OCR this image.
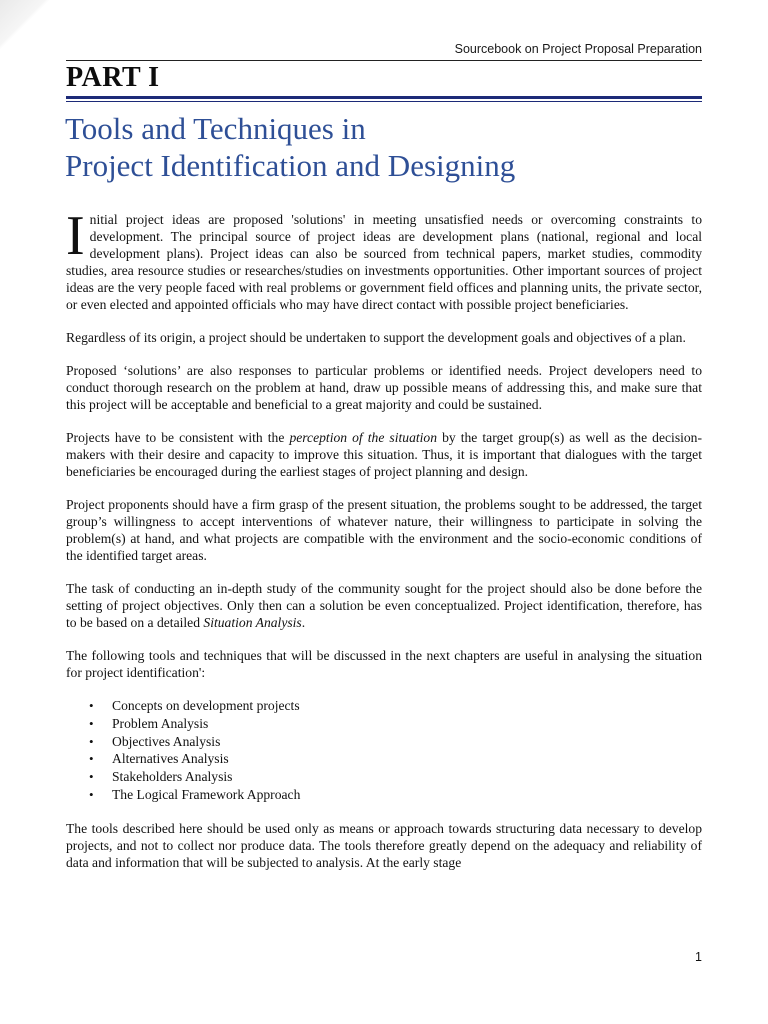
Sourcebook on Project Proposal Preparation
PART I
Tools and Techniques in
Project Identification and Designing

Initial project ideas are proposed 'solutions' in meeting unsatisfied needs or overcoming constraints to development. The principal source of project ideas are development plans (national, regional and local development plans). Project ideas can also be sourced from technical papers, market studies, commodity studies, area resource studies or researches/studies on investments opportunities. Other important sources of project ideas are the very people faced with real problems or government field offices and planning units, the private sector, or even elected and appointed officials who may have direct contact with possible project beneficiaries.

Regardless of its origin, a project should be undertaken to support the development goals and objectives of a plan.

Proposed ‘solutions’ are also responses to particular problems or identified needs. Project developers need to conduct thorough research on the problem at hand, draw up possible means of addressing this, and make sure that this project will be acceptable and beneficial to a great majority and could be sustained.

Projects have to be consistent with the perception of the situation by the target group(s) as well as the decision-makers with their desire and capacity to improve this situation. Thus, it is important that dialogues with the target beneficiaries be encouraged during the earliest stages of project planning and design.

Project proponents should have a firm grasp of the present situation, the problems sought to be addressed, the target group’s willingness to accept interventions of whatever nature, their willingness to participate in solving the problem(s) at hand, and what projects are compatible with the environment and the socio-economic conditions of the identified target areas.

The task of conducting an in-depth study of the community sought for the project should also be done before the setting of project objectives. Only then can a solution be even conceptualized. Project identification, therefore, has to be based on a detailed Situation Analysis.

The following tools and techniques that will be discussed in the next chapters are useful in analysing the situation for project identification':

• Concepts on development projects
• Problem Analysis
• Objectives Analysis
• Alternatives Analysis
• Stakeholders Analysis
• The Logical Framework Approach

The tools described here should be used only as means or approach towards structuring data necessary to develop projects, and not to collect nor produce data. The tools therefore greatly depend on the adequacy and reliability of data and information that will be subjected to analysis. At the early stage

1
